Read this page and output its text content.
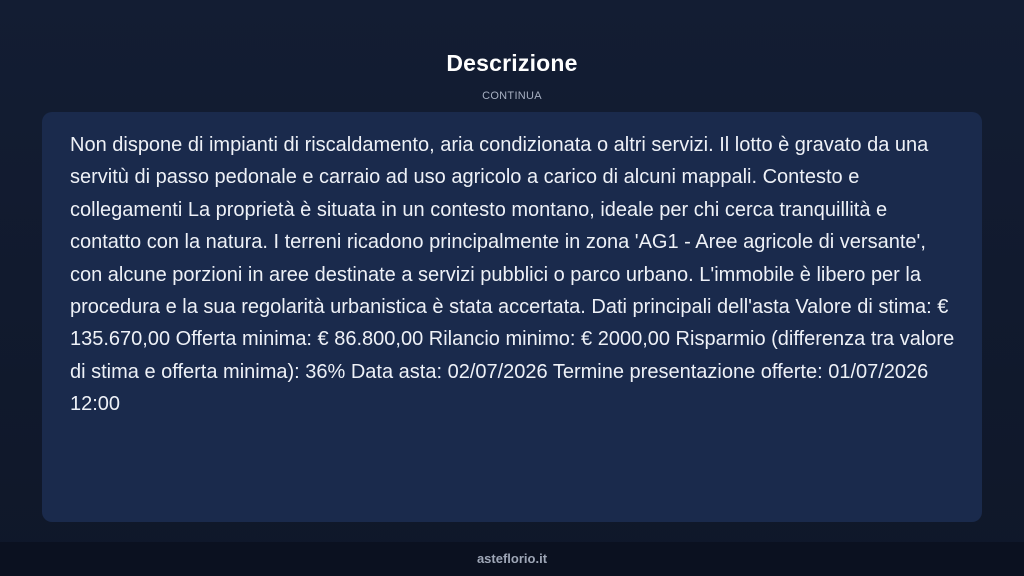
Descrizione
CONTINUA

Non dispone di impianti di riscaldamento, aria condizionata o altri servizi. Il lotto è gravato da una servitù di passo pedonale e carraio ad uso agricolo a carico di alcuni mappali. Contesto e collegamenti La proprietà è situata in un contesto montano, ideale per chi cerca tranquillità e contatto con la natura. I terreni ricadono principalmente in zona 'AG1 - Aree agricole di versante', con alcune porzioni in aree destinate a servizi pubblici o parco urbano. L'immobile è libero per la procedura e la sua regolarità urbanistica è stata accertata. Dati principali dell'asta Valore di stima: € 135.670,00 Offerta minima: € 86.800,00 Rilancio minimo: € 2000,00 Risparmio (differenza tra valore di stima e offerta minima): 36% Data asta: 02/07/2026 Termine presentazione offerte: 01/07/2026 12:00

asteflorio.it
